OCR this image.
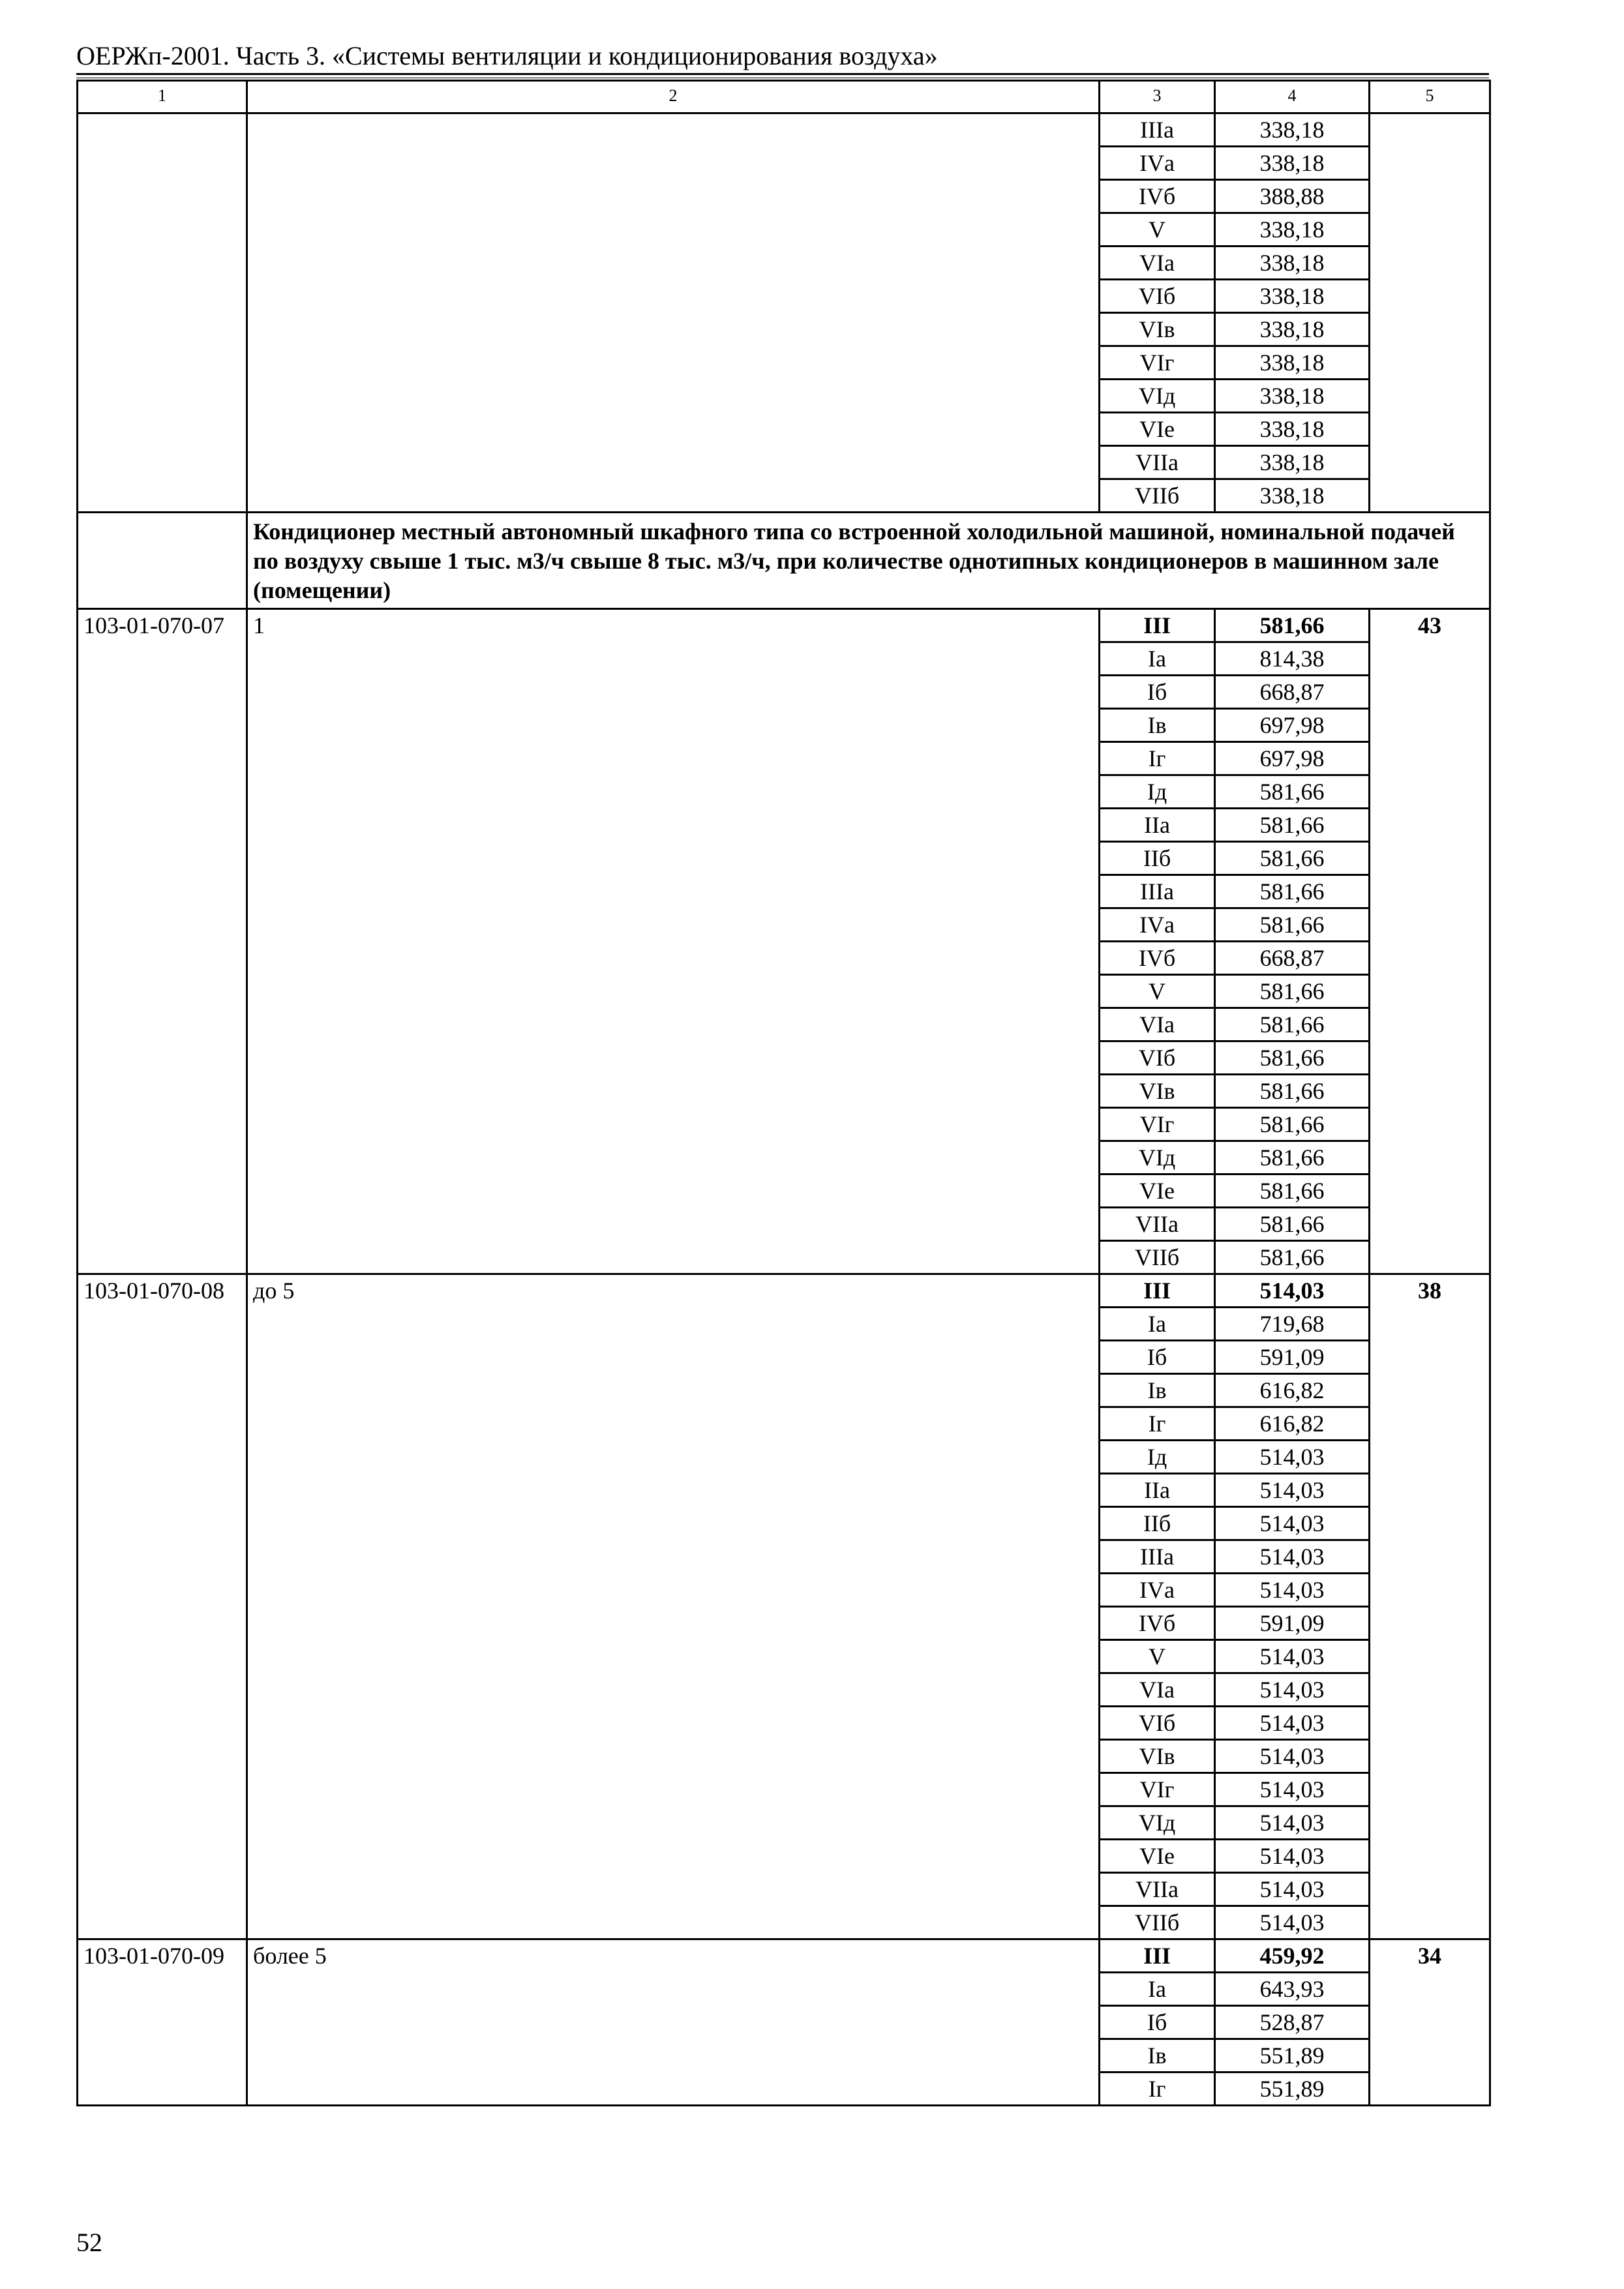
ОЕРЖп-2001. Часть 3. «Системы вентиляции и кондиционирования воздуха»
1	2	3	4	5
		IIIа	338,18	
		IVа	338,18	
		IVб	388,88	
		V	338,18	
		VIа	338,18	
		VIб	338,18	
		VIв	338,18	
		VIг	338,18	
		VIд	338,18	
		VIе	338,18	
		VIIа	338,18	
		VIIб	338,18	
	Кондиционер местный автономный шкафного типа со встроенной холодильной машиной, номинальной подачей по воздуху свыше 1 тыс. м3/ч свыше 8 тыс. м3/ч, при количестве однотипных кондиционеров в машинном зале (помещении)			
103-01-070-07	1	III	581,66	43
		Iа	814,38	
		Iб	668,87	
		Iв	697,98	
		Iг	697,98	
		Iд	581,66	
		IIа	581,66	
		IIб	581,66	
		IIIа	581,66	
		IVа	581,66	
		IVб	668,87	
		V	581,66	
		VIа	581,66	
		VIб	581,66	
		VIв	581,66	
		VIг	581,66	
		VIд	581,66	
		VIе	581,66	
		VIIа	581,66	
		VIIб	581,66	
103-01-070-08	до 5	III	514,03	38
		Iа	719,68	
		Iб	591,09	
		Iв	616,82	
		Iг	616,82	
		Iд	514,03	
		IIа	514,03	
		IIб	514,03	
		IIIа	514,03	
		IVа	514,03	
		IVб	591,09	
		V	514,03	
		VIа	514,03	
		VIб	514,03	
		VIв	514,03	
		VIг	514,03	
		VIд	514,03	
		VIе	514,03	
		VIIа	514,03	
		VIIб	514,03	
103-01-070-09	более 5	III	459,92	34
		Iа	643,93	
		Iб	528,87	
		Iв	551,89	
		Iг	551,89	
52
